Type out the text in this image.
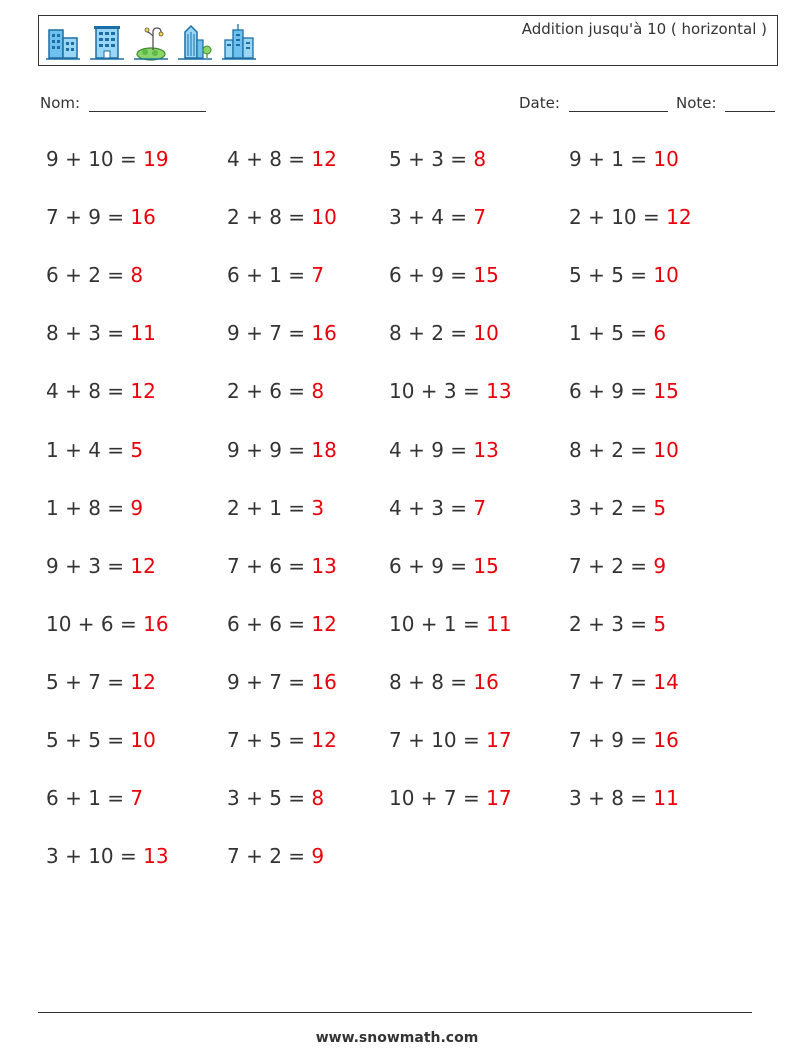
Addition jusqu'à 10 ( horizontal )
Nom:	Date:	Note:
9 + 10 = 19	4 + 8 = 12	5 + 3 = 8	9 + 1 = 10
7 + 9 = 16	2 + 8 = 10	3 + 4 = 7	2 + 10 = 12
6 + 2 = 8	6 + 1 = 7	6 + 9 = 15	5 + 5 = 10
8 + 3 = 11	9 + 7 = 16	8 + 2 = 10	1 + 5 = 6
4 + 8 = 12	2 + 6 = 8	10 + 3 = 13	6 + 9 = 15
1 + 4 = 5	9 + 9 = 18	4 + 9 = 13	8 + 2 = 10
1 + 8 = 9	2 + 1 = 3	4 + 3 = 7	3 + 2 = 5
9 + 3 = 12	7 + 6 = 13	6 + 9 = 15	7 + 2 = 9
10 + 6 = 16	6 + 6 = 12	10 + 1 = 11	2 + 3 = 5
5 + 7 = 12	9 + 7 = 16	8 + 8 = 16	7 + 7 = 14
5 + 5 = 10	7 + 5 = 12	7 + 10 = 17	7 + 9 = 16
6 + 1 = 7	3 + 5 = 8	10 + 7 = 17	3 + 8 = 11
3 + 10 = 13	7 + 2 = 9
www.snowmath.com
